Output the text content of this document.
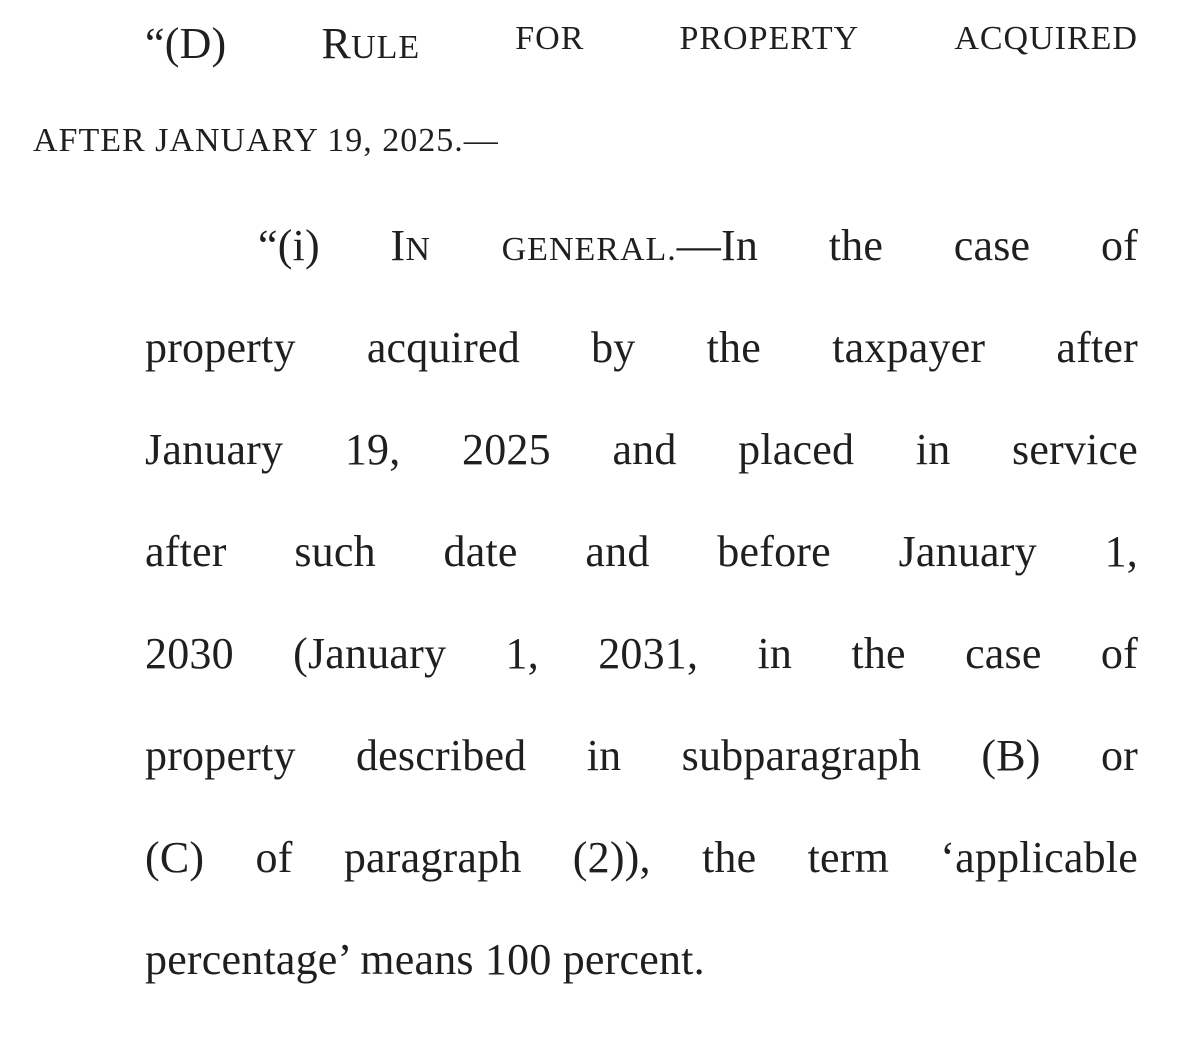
“(D) RULE	FOR	PROPERTY	ACQUIRED
AFTER JANUARY 19, 2025.—
“(i) IN GENERAL.—In the case of
property acquired by the taxpayer after
January 19, 2025 and placed in service
after such date and before January 1,
2030 (January 1, 2031, in the case of
property described in subparagraph (B) or
(C) of paragraph (2)), the term ‘applicable
percentage’ means 100 percent.
